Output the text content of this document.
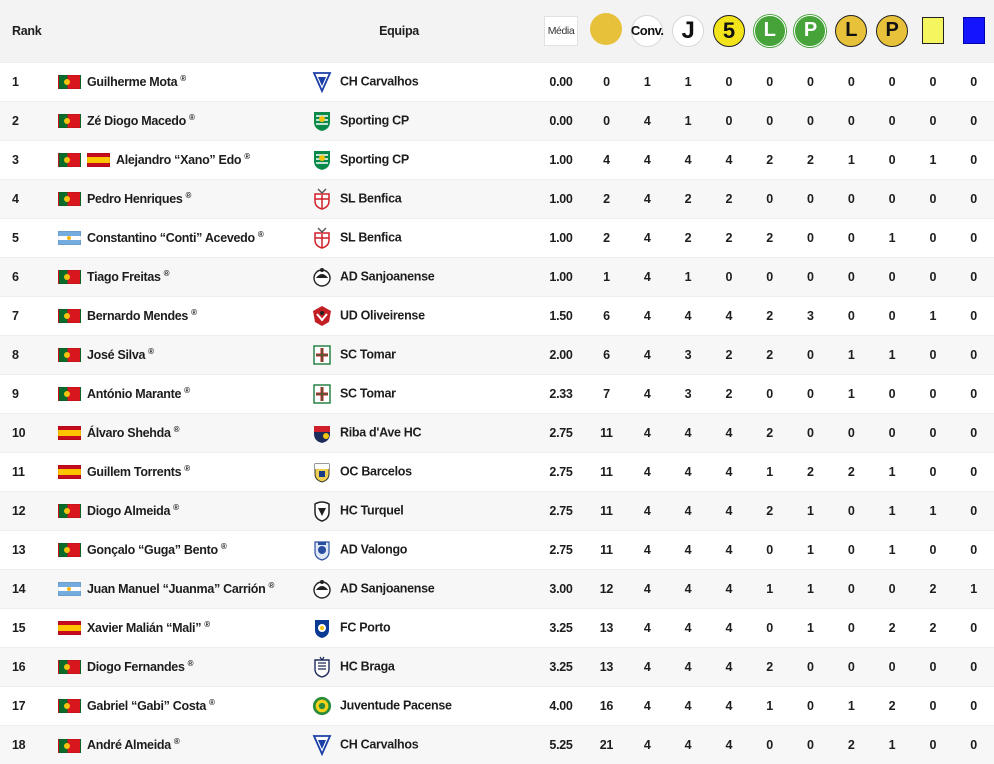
Rank		Equipa	Média		Conv.	J	5	L	P	L	P		
1	Guilherme Mota ®	CH Carvalhos	0.00	0	1	1	0	0	0	0	0	0	0
2	Zé Diogo Macedo ®	Sporting CP	0.00	0	4	1	0	0	0	0	0	0	0
3	Alejandro “Xano” Edo ®	Sporting CP	1.00	4	4	4	4	2	2	1	0	1	0
4	Pedro Henriques ®	SL Benfica	1.00	2	4	2	2	0	0	0	0	0	0
5	Constantino “Conti” Acevedo ®	SL Benfica	1.00	2	4	2	2	2	0	0	1	0	0
6	Tiago Freitas ®	AD Sanjoanense	1.00	1	4	1	0	0	0	0	0	0	0
7	Bernardo Mendes ®	UD Oliveirense	1.50	6	4	4	4	2	3	0	0	1	0
8	José Silva ®	SC Tomar	2.00	6	4	3	2	2	0	1	1	0	0
9	António Marante ®	SC Tomar	2.33	7	4	3	2	0	0	1	0	0	0
10	Álvaro Shehda ®	Riba d'Ave HC	2.75	11	4	4	4	2	0	0	0	0	0
11	Guillem Torrents ®	OC Barcelos	2.75	11	4	4	4	1	2	2	1	0	0
12	Diogo Almeida ®	HC Turquel	2.75	11	4	4	4	2	1	0	1	1	0
13	Gonçalo “Guga” Bento ®	AD Valongo	2.75	11	4	4	4	0	1	0	1	0	0
14	Juan Manuel “Juanma” Carrión ®	AD Sanjoanense	3.00	12	4	4	4	1	1	0	0	2	1
15	Xavier Malián “Mali” ®	FC Porto	3.25	13	4	4	4	0	1	0	2	2	0
16	Diogo Fernandes ®	HC Braga	3.25	13	4	4	4	2	0	0	0	0	0
17	Gabriel “Gabi” Costa ®	Juventude Pacense	4.00	16	4	4	4	1	0	1	2	0	0
18	André Almeida ®	CH Carvalhos	5.25	21	4	4	4	0	0	2	1	0	0
